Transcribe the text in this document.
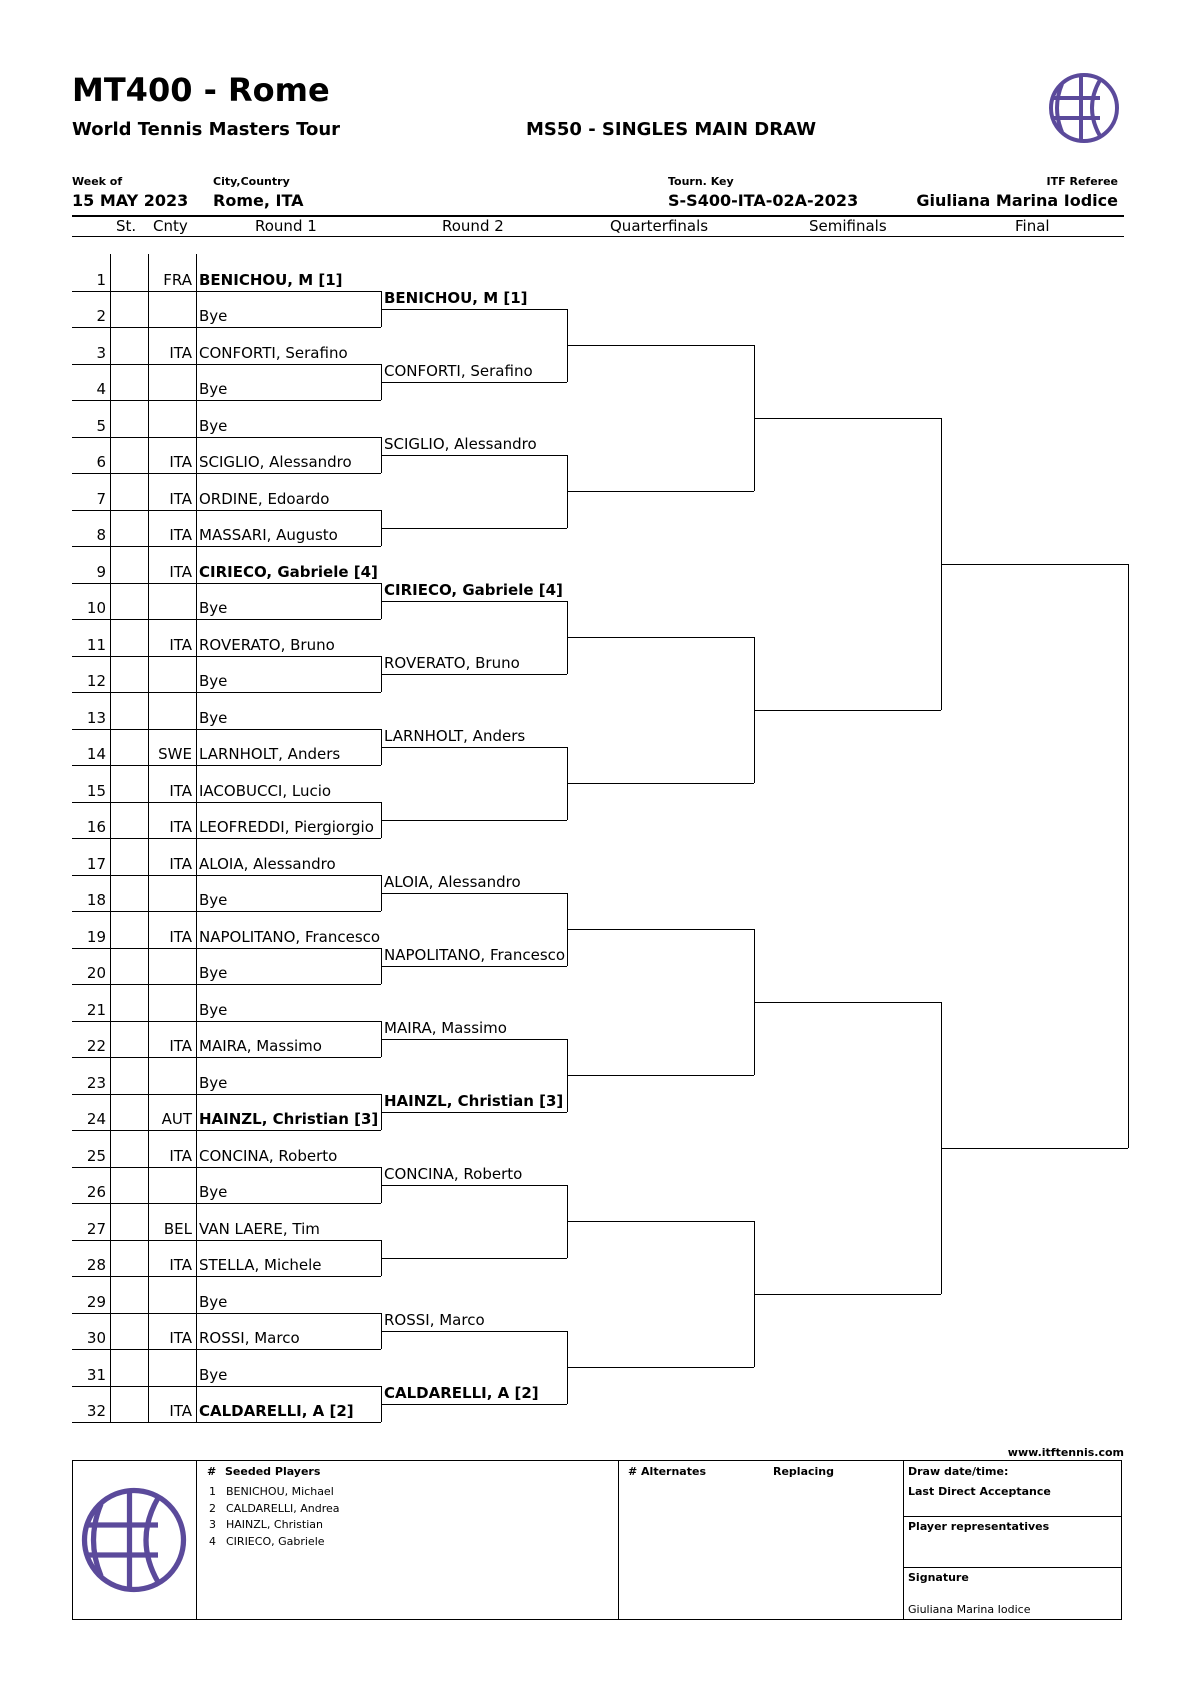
MT400 - Rome
World Tennis Masters Tour	MS50 - SINGLES MAIN DRAW
Week of
15 MAY 2023
City,Country
Rome, ITA
Tourn. Key
S-S400-ITA-02A-2023
ITF Referee
Giuliana Marina Iodice
St. Cnty	Round 1	Round 2	Quarterfinals	Semifinals	Final
1	FRA BENICHOU, M [1]
2	Bye
3	ITA CONFORTI, Serafino
4	Bye
5	Bye
6	ITA SCIGLIO, Alessandro
7	ITA ORDINE, Edoardo
8	ITA MASSARI, Augusto
9	ITA CIRIECO, Gabriele [4]
10	Bye
11	ITA ROVERATO, Bruno
12	Bye
13	Bye
14	SWE LARNHOLT, Anders
15	ITA IACOBUCCI, Lucio
16	ITA LEOFREDDI, Piergiorgio
17	ITA ALOIA, Alessandro
18	Bye
19	ITA NAPOLITANO, Francesco
20	Bye
21	Bye
22	ITA MAIRA, Massimo
23	Bye
24	AUT HAINZL, Christian [3]
25	ITA CONCINA, Roberto
26	Bye
27	BEL VAN LAERE, Tim
28	ITA STELLA, Michele
29	Bye
30	ITA ROSSI, Marco
31	Bye
32	ITA CALDARELLI, A [2]
BENICHOU, M [1]
CONFORTI, Serafino
SCIGLIO, Alessandro
CIRIECO, Gabriele [4]
ROVERATO, Bruno
LARNHOLT, Anders
ALOIA, Alessandro
NAPOLITANO, Francesco
MAIRA, Massimo
HAINZL, Christian [3]
CONCINA, Roberto
ROSSI, Marco
CALDARELLI, A [2]
www.itftennis.com
# Seeded Players
1 BENICHOU, Michael
2 CALDARELLI, Andrea
3 HAINZL, Christian
4 CIRIECO, Gabriele
# Alternates	Replacing	Draw date/time:
Last Direct Acceptance
Player representatives
Signature
Giuliana Marina Iodice
